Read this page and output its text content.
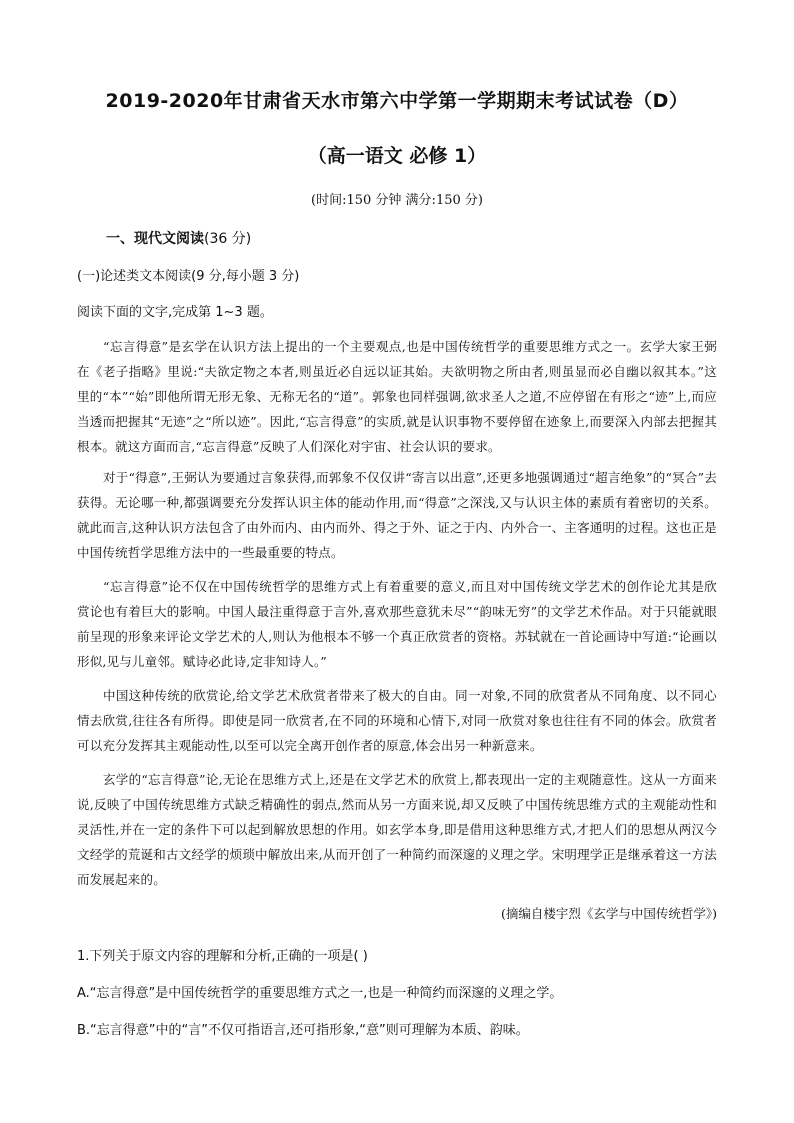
2019-2020年甘肃省天水市第六中学第一学期期末考试试卷（D）
（高一语文 必修 1）
(时间:150 分钟 满分:150 分)
一、现代文阅读(36 分)
(一)论述类文本阅读(9 分,每小题 3 分)
阅读下面的文字,完成第 1~3 题。

“忘言得意”是玄学在认识方法上提出的一个主要观点,也是中国传统哲学的重要思维方式之一。玄学大家王弼在《老子指略》里说:“夫欲定物之本者,则虽近必自远以证其始。夫欲明物之所由者,则虽显而必自幽以叙其本。”这里的“本”“始”即他所谓无形无象、无称无名的“道”。郭象也同样强调,欲求圣人之道,不应停留在有形之“迹”上,而应当透而把握其“无迹”之“所以迹”。因此,“忘言得意”的实质,就是认识事物不要停留在迹象上,而要深入内部去把握其根本。就这方面而言,“忘言得意”反映了人们深化对宇宙、社会认识的要求。

对于“得意”,王弼认为要通过言象获得,而郭象不仅仅讲“寄言以出意”,还更多地强调通过“超言绝象”的“冥合”去获得。无论哪一种,都强调要充分发挥认识主体的能动作用,而“得意”之深浅,又与认识主体的素质有着密切的关系。就此而言,这种认识方法包含了由外而内、由内而外、得之于外、证之于内、内外合一、主客通明的过程。这也正是中国传统哲学思维方法中的一些最重要的特点。

“忘言得意”论不仅在中国传统哲学的思维方式上有着重要的意义,而且对中国传统文学艺术的创作论尤其是欣赏论也有着巨大的影响。中国人最注重得意于言外,喜欢那些意犹未尽”“韵味无穷”的文学艺术作品。对于只能就眼前呈现的形象来评论文学艺术的人,则认为他根本不够一个真正欣赏者的资格。苏轼就在一首论画诗中写道:“论画以形似,见与儿童邻。赋诗必此诗,定非知诗人。”

中国这种传统的欣赏论,给文学艺术欣赏者带来了极大的自由。同一对象,不同的欣赏者从不同角度、以不同心情去欣赏,往往各有所得。即使是同一欣赏者,在不同的环境和心情下,对同一欣赏对象也往往有不同的体会。欣赏者可以充分发挥其主观能动性,以至可以完全离开创作者的原意,体会出另一种新意来。

玄学的“忘言得意”论,无论在思维方式上,还是在文学艺术的欣赏上,都表现出一定的主观随意性。这从一方面来说,反映了中国传统思维方式缺乏精确性的弱点,然而从另一方面来说,却又反映了中国传统思维方式的主观能动性和灵活性,并在一定的条件下可以起到解放思想的作用。如玄学本身,即是借用这种思维方式,才把人们的思想从两汉今文经学的荒诞和古文经学的烦琐中解放出来,从而开创了一种简约而深邃的义理之学。宋明理学正是继承着这一方法而发展起来的。

(摘编自楼宇烈《玄学与中国传统哲学》)
1.下列关于原文内容的理解和分析,正确的一项是( )
A.“忘言得意”是中国传统哲学的重要思维方式之一,也是一种简约而深邃的义理之学。
B.“忘言得意”中的“言”不仅可指语言,还可指形象,“意”则可理解为本质、韵味。
